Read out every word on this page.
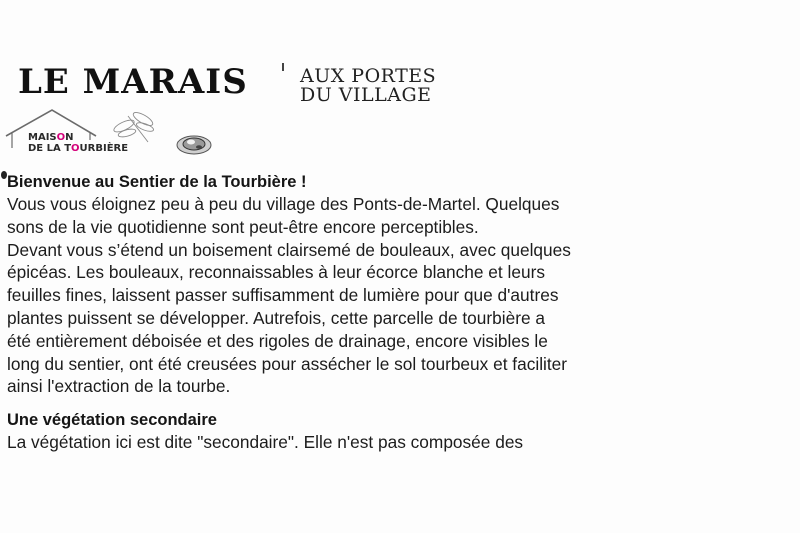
LE MARAIS	AUX PORTES
DU VILLAGE
MAISON
DE LA TOURBIÈRE

Bienvenue au Sentier de la Tourbière !

Vous vous éloignez peu à peu du village des Ponts-de-Martel. Quelques

sons de la vie quotidienne sont peut-être encore perceptibles.

Devant vous s’étend un boisement clairsemé de bouleaux, avec quelques

épicéas. Les bouleaux, reconnaissables à leur écorce blanche et leurs

feuilles fines, laissent passer suffisamment de lumière pour que d'autres

plantes puissent se développer. Autrefois, cette parcelle de tourbière a

été entièrement déboisée et des rigoles de drainage, encore visibles le

long du sentier, ont été creusées pour assécher le sol tourbeux et faciliter

ainsi l'extraction de la tourbe.

Une végétation secondaire

La végétation ici est dite "secondaire". Elle n'est pas composée des
